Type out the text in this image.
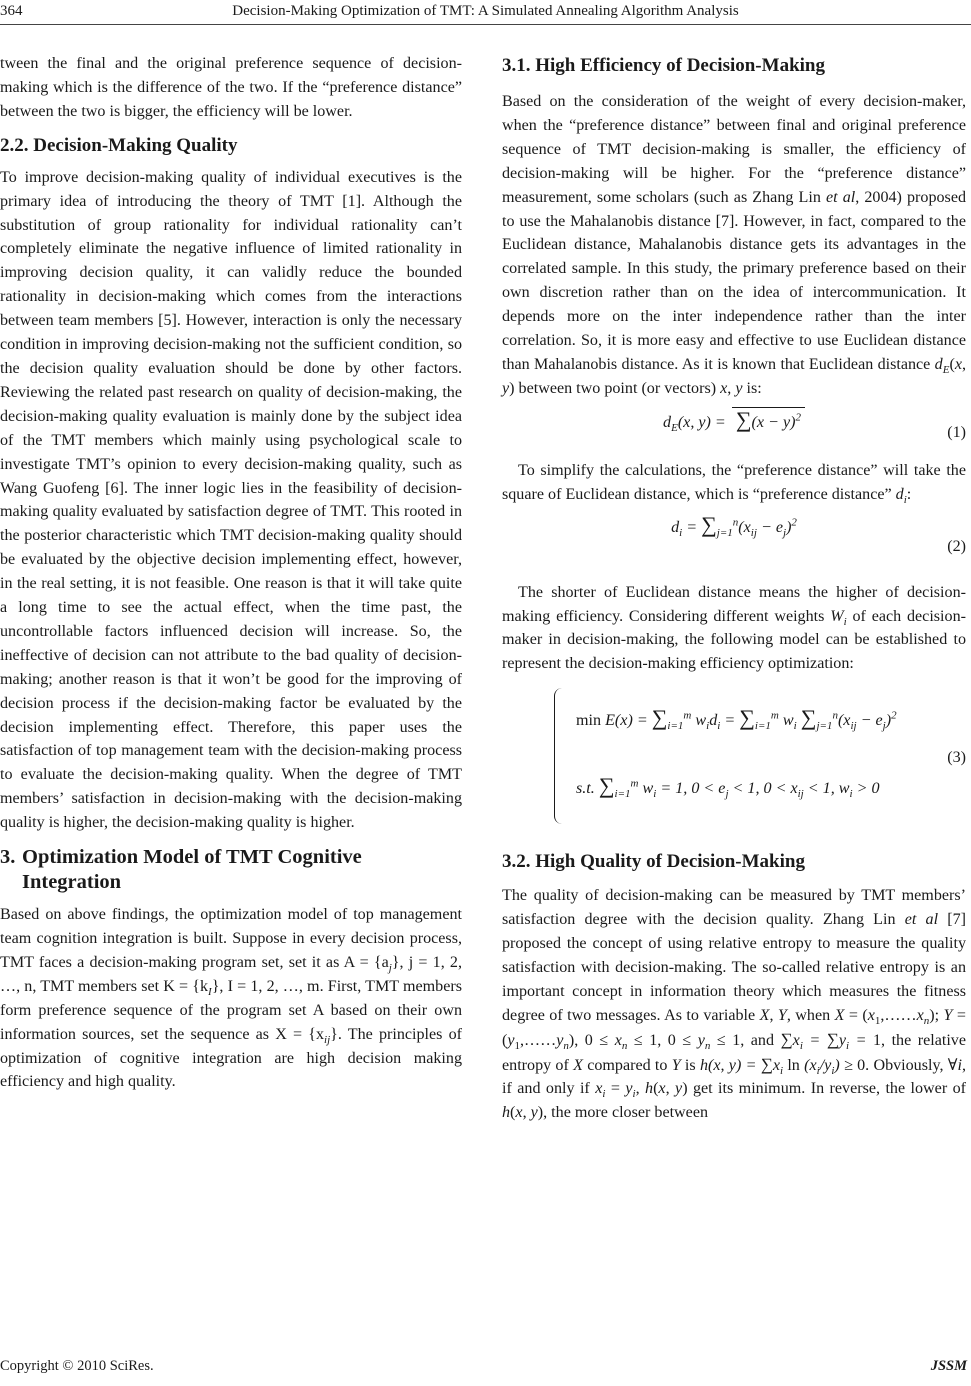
364	Decision-Making Optimization of TMT: A Simulated Annealing Algorithm Analysis

tween the final and the original preference sequence of decision-making which is the difference of the two. If the “preference distance” between the two is bigger, the efficiency will be lower.

2.2. Decision-Making Quality

To improve decision-making quality of individual executives is the primary idea of introducing the theory of TMT [1]. Although the substitution of group rationality for individual rationality can’t completely eliminate the negative influence of limited rationality in improving decision quality, it can validly reduce the bounded rationality in decision-making which comes from the interactions between team members [5]. However, interaction is only the necessary condition in improving decision-making not the sufficient condition, so the decision quality evaluation should be done by other factors. Reviewing the related past research on quality of decision-making, the decision-making quality evaluation is mainly done by the subject idea of the TMT members which mainly using psychological scale to investigate TMT’s opinion to every decision-making quality, such as Wang Guofeng [6]. The inner logic lies in the feasibility of decision-making quality evaluated by satisfaction degree of TMT. This rooted in the posterior characteristic which TMT decision-making quality should be evaluated by the objective decision implementing effect, however, in the real setting, it is not feasible. One reason is that it will take quite a long time to see the actual effect, when the time past, the uncontrollable factors influenced decision will increase. So, the ineffective of decision can not attribute to the bad quality of decision-making; another reason is that it won’t be good for the improving of decision process if the decision-making factor be evaluated by the decision implementing effect. Therefore, this paper uses the satisfaction of top management team with the decision-making process to evaluate the decision-making quality. When the degree of TMT members’ satisfaction in decision-making with the decision-making quality is higher, the decision-making quality is higher.

3. Optimization Model of TMT Cognitive
Integration

Based on above findings, the optimization model of top management team cognition integration is built. Suppose in every decision process, TMT faces a decision-making program set, set it as $A = \{a_j\}$, j = 1, 2, …, n, TMT members set $K = \{k_I\}$, I = 1, 2, …, m. First, TMT members form preference sequence of the program set A based on their own information sources, set the sequence as $X = \{x_{ij}\}$. The principles of optimization of cognitive integration are high decision making efficiency and high quality.

3.1. High Efficiency of Decision-Making

Based on the consideration of the weight of every decision-maker, when the “preference distance” between final and original preference sequence of TMT decision-making is smaller, the efficiency of decision-making will be higher. For the “preference distance” measurement, some scholars (such as Zhang Lin et al, 2004) proposed to use the Mahalanobis distance [7]. However, in fact, compared to the Euclidean distance, Mahalanobis distance gets its advantages in the correlated sample. In this study, the primary preference based on their own discretion rather than on the idea of intercommunication. It depends more on the inter independence rather than the inter correlation. So, it is more easy and effective to use Euclidean distance than Mahalanobis distance. As it is known that Euclidean distance $d_E(x$, y) between two point (or vectors) x, y is:

$d_E(x$, $y) = \sum(x - y)^2$
(1)

To simplify the calculations, the “preference distance” will take the square of Euclidean distance, which is “preference distance” $d_i$:

$d_i = \sum_{j=1}^n(x_{ij} - e_j)^2$
(2)

The shorter of Euclidean distance means the higher of decision-making efficiency. Considering different weights $W_i$ of each decision-maker in decision-making, the following model can be established to represent the decision-making efficiency optimization:

$\min E(x) = \sum_{i=1}^m$ $w_id_i = \sum_{i=1}^m$ $w_i$ $\sum_{j=1}^n(x_{ij} - e_j)^2$
s.t. $\sum_{i=1}^m$ $w_i = 1$, $0 < e_j < 1$, $0 < x_{ij} < 1$, $w_i > 0$
(3)
3.2. High Quality of Decision-Making

The quality of decision-making can be measured by TMT members’ satisfaction degree with the decision quality. Zhang Lin et al [7] proposed the concept of using relative entropy to measure the quality satisfaction with decision-making. The so-called relative entropy is an important concept in information theory which measures the fitness degree of two messages. As to variable X, Y, when $X = (x_1,\dots\dots x_n)$; $Y = (y_1,\dots\dots y_n)$, $0 \le x_n \le 1$, $0 \le y_n \le 1$, and $\sum x_i = \sum y_i = 1$, the relative entropy of X compared to Y is h(x, $y) = \sum x_i$ $\ln (x_i/y_i) \ge 0$. Obviously, ∀i, if and only if $x_i = y_i$, h(x, y) get its minimum. In reverse, the lower of h(x, y), the more closer between

Copyright © 2010 SciRes.	JSSM
